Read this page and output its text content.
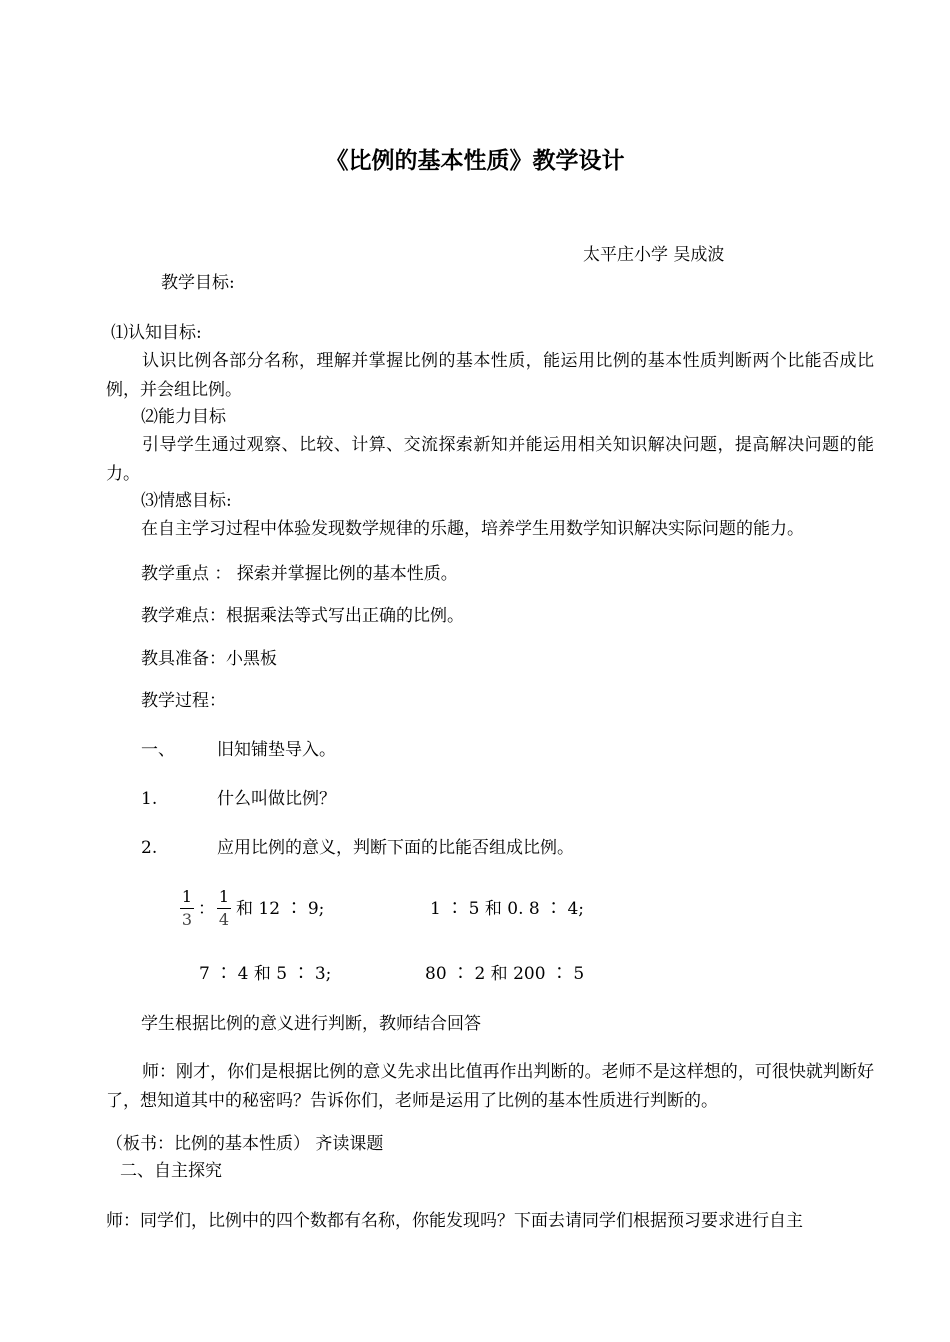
《比例的基本性质》教学设计
太平庄小学 吴成波
教学目标:
⑴认知目标:
认识比例各部分名称，理解并掌握比例的基本性质，能运用比例的基本性质判断两个比能否成比例，并会组比例。
⑵能力目标
引导学生通过观察、比较、计算、交流探索新知并能运用相关知识解决问题，提高解决问题的能力。
⑶情感目标:
在自主学习过程中体验发现数学规律的乐趣，培养学生用数学知识解决实际问题的能力。
教学重点 ： 探索并掌握比例的基本性质。
教学难点：根据乘法等式写出正确的比例。
教具准备：小黑板
教学过程：
一、 旧知铺垫导入。
1.	什么叫做比例？
2.	应用比例的意义，判断下面的比能否组成比例。
1
3
：
1
4
和 12 ∶ 9;	1 ∶ 5 和 0. 8 ∶ 4;
7 ∶ 4 和 5 ∶ 3;	80 ∶ 2 和 200 ∶ 5
学生根据比例的意义进行判断，教师结合回答
师：刚才，你们是根据比例的意义先求出比值再作出判断的。老师不是这样想的，可很快就判断好了，想知道其中的秘密吗？告诉你们，老师是运用了比例的基本性质进行判断的。
（板书：比例的基本性质） 齐读课题
二、自主探究
师：同学们，比例中的四个数都有名称，你能发现吗？下面去请同学们根据预习要求进行自主
